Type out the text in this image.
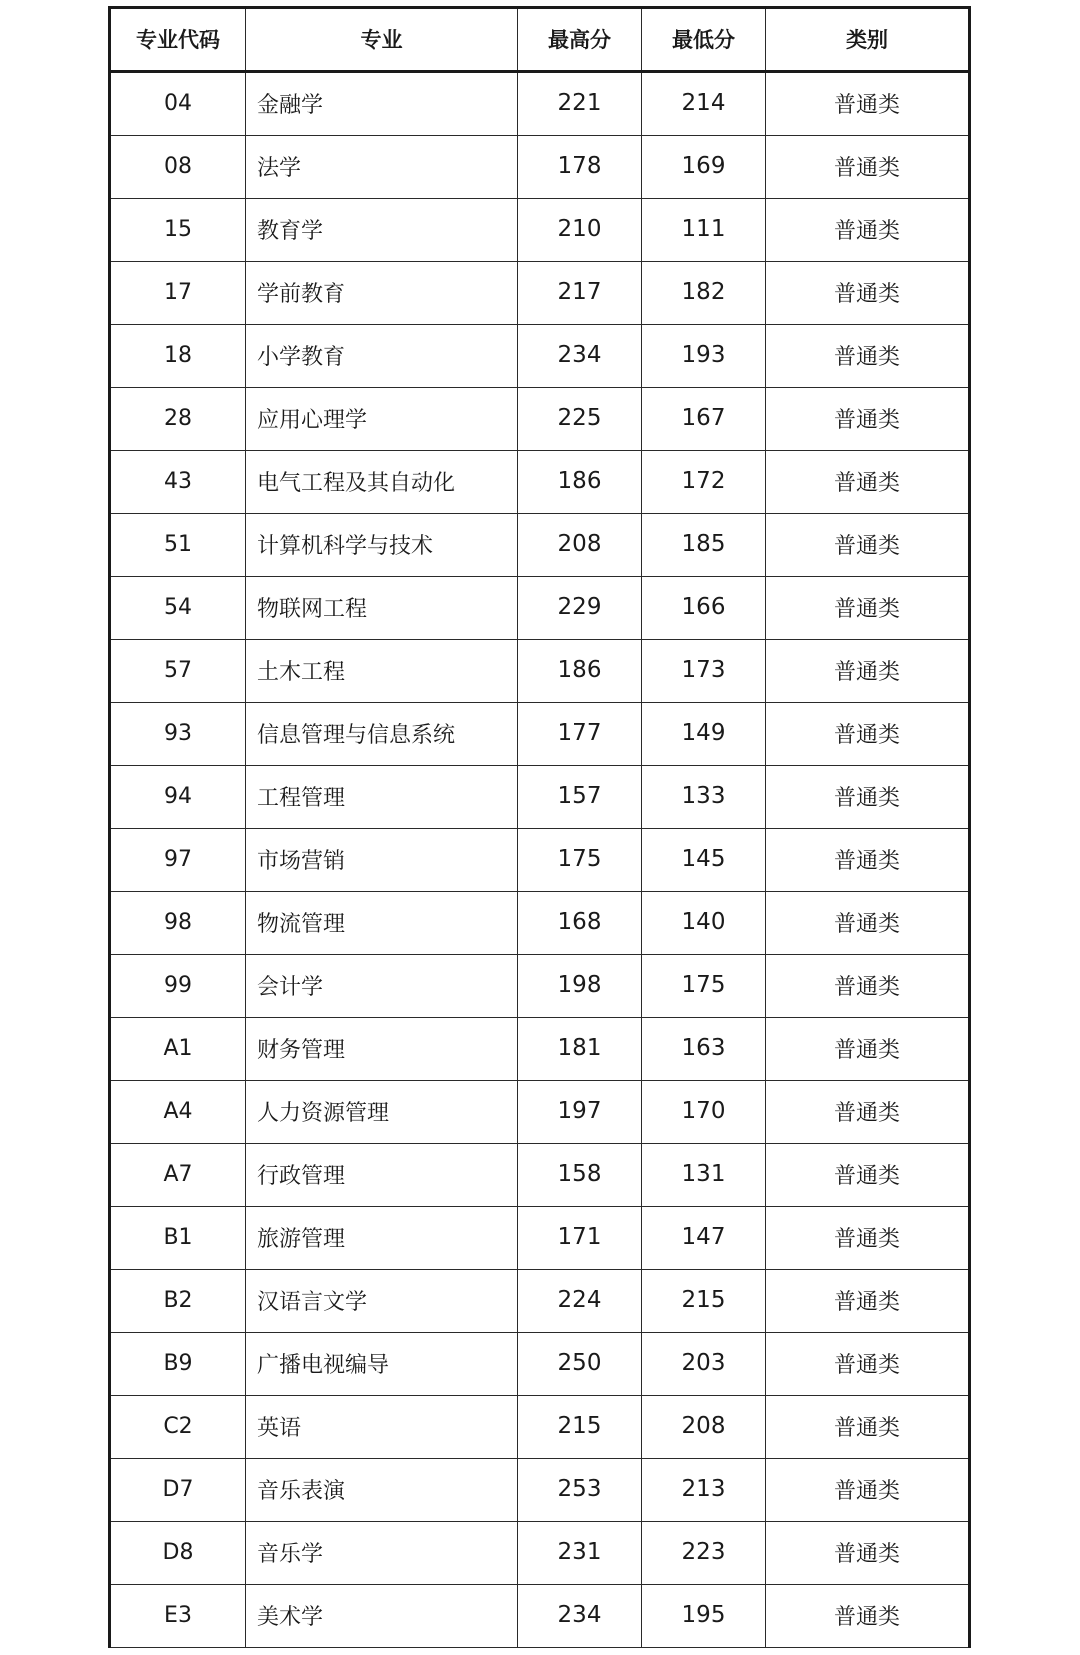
专业代码	专业	最高分	最低分	类别
04	金融学	221	214	普通类
08	法学	178	169	普通类
15	教育学	210	111	普通类
17	学前教育	217	182	普通类
18	小学教育	234	193	普通类
28	应用心理学	225	167	普通类
43	电气工程及其自动化	186	172	普通类
51	计算机科学与技术	208	185	普通类
54	物联网工程	229	166	普通类
57	土木工程	186	173	普通类
93	信息管理与信息系统	177	149	普通类
94	工程管理	157	133	普通类
97	市场营销	175	145	普通类
98	物流管理	168	140	普通类
99	会计学	198	175	普通类
A1	财务管理	181	163	普通类
A4	人力资源管理	197	170	普通类
A7	行政管理	158	131	普通类
B1	旅游管理	171	147	普通类
B2	汉语言文学	224	215	普通类
B9	广播电视编导	250	203	普通类
C2	英语	215	208	普通类
D7	音乐表演	253	213	普通类
D8	音乐学	231	223	普通类
E3	美术学	234	195	普通类
